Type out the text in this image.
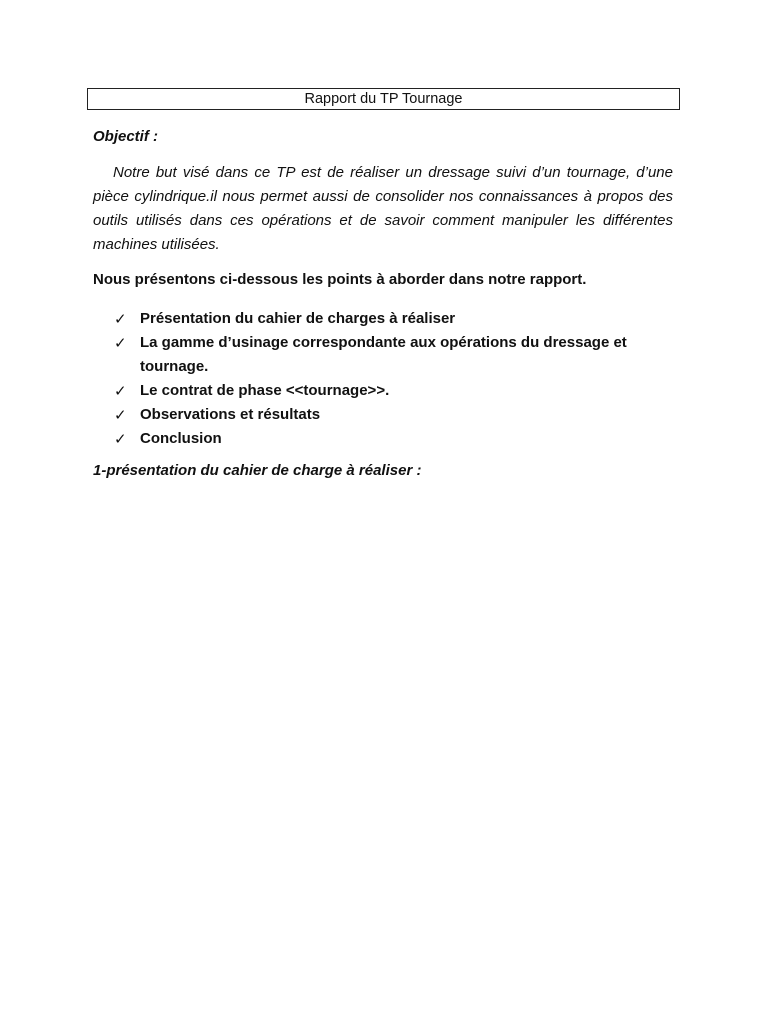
Rapport du TP Tournage
Objectif :

Notre but visé dans ce TP est de réaliser un dressage suivi d’un tournage, d’une pièce cylindrique.il nous permet aussi de consolider nos connaissances à propos des outils utilisés dans ces opérations et de savoir comment manipuler les différentes machines utilisées.

Nous présentons ci-dessous les points à aborder dans notre rapport.
✓ Présentation du cahier de charges à réaliser
✓ La gamme d’usinage correspondante aux opérations du dressage et tournage.
✓ Le contrat de phase <<tournage>>.
✓ Observations et résultats
✓ Conclusion
1-présentation du cahier de charge à réaliser :
